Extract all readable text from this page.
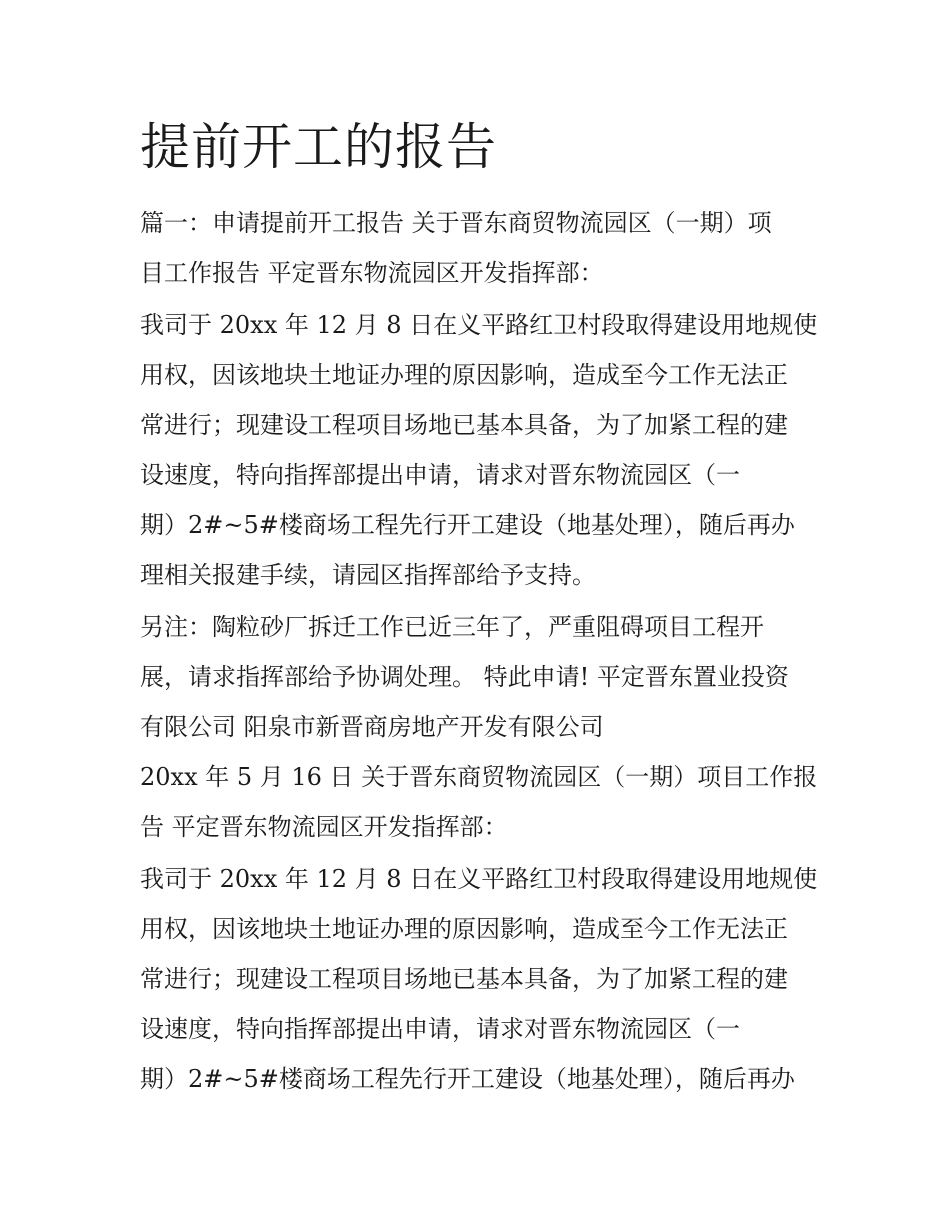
提前开工的报告

篇一：申请提前开工报告 关于晋东商贸物流园区（一期）项

目工作报告 平定晋东物流园区开发指挥部：

我司于 20xx 年 12 月 8 日在义平路红卫村段取得建设用地规使

用权，因该地块土地证办理的原因影响，造成至今工作无法正

常进行；现建设工程项目场地已基本具备，为了加紧工程的建

设速度，特向指挥部提出申请，请求对晋东物流园区（一

期）2#~5#楼商场工程先行开工建设（地基处理），随后再办

理相关报建手续，请园区指挥部给予支持。

另注：陶粒砂厂拆迁工作已近三年了，严重阻碍项目工程开

展，请求指挥部给予协调处理。 特此申请! 平定晋东置业投资

有限公司 阳泉市新晋商房地产开发有限公司

20xx 年 5 月 16 日 关于晋东商贸物流园区（一期）项目工作报

告 平定晋东物流园区开发指挥部：

我司于 20xx 年 12 月 8 日在义平路红卫村段取得建设用地规使

用权，因该地块土地证办理的原因影响，造成至今工作无法正

常进行；现建设工程项目场地已基本具备，为了加紧工程的建

设速度，特向指挥部提出申请，请求对晋东物流园区（一

期）2#~5#楼商场工程先行开工建设（地基处理），随后再办
